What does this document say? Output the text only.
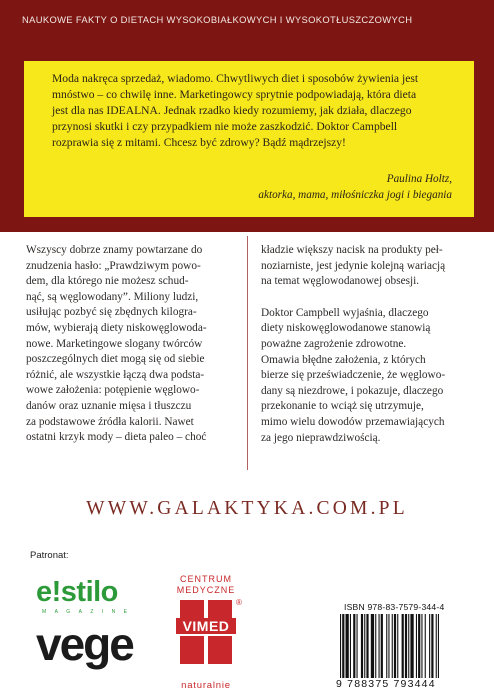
NAUKOWE FAKTY O DIETACH WYSOKOBIAŁKOWYCH I WYSOKOTŁUSZCZOWYCH
Moda nakręca sprzedaż, wiadomo. Chwytliwych diet i sposobów żywienia jest
mnóstwo – co chwilę inne. Marketingowcy sprytnie podpowiadają, która dieta
jest dla nas IDEALNA. Jednak rzadko kiedy rozumiemy, jak działa, dlaczego
przynosi skutki i czy przypadkiem nie może zaszkodzić. Doktor Campbell
rozprawia się z mitami. Chcesz być zdrowy? Bądź mądrzejszy!
Paulina Holtz,
aktorka, mama, miłośniczka jogi i biegania
Wszyscy dobrze znamy powtarzane do
znudzenia hasło: „Prawdziwym powo-
dem, dla którego nie możesz schud-
nąć, są węglowodany”. Miliony ludzi,
usiłując pozbyć się zbędnych kilogra-
mów, wybierają diety niskowęglowoda-
nowe. Marketingowe slogany twórców
poszczególnych diet mogą się od siebie
różnić, ale wszystkie łączą dwa podsta-
wowe założenia: potępienie węglowo-
danów oraz uznanie mięsa i tłuszczu
za podstawowe źródła kalorii. Nawet
ostatni krzyk mody – dieta paleo – choć
kładzie większy nacisk na produkty peł-
noziarniste, jest jedynie kolejną wariacją
na temat węglowodanowej obsesji.
Doktor Campbell wyjaśnia, dlaczego
diety niskowęglowodanowe stanowią
poważne zagrożenie zdrowotne.
Omawia błędne założenia, z których
bierze się przeświadczenie, że węglowo-
dany są niezdrowe, i pokazuje, dlaczego
przekonanie to wciąż się utrzymuje,
mimo wielu dowodów przemawiających
za jego nieprawdziwością.
WWW.GALAKTYKA.COM.PL
Patronat:
e!stilo
MAGAZINE
vege
CENTRUM
MEDYCZNE
VIMED
naturalnie
®	ISBN 978-83-7579-344-4
9 788375 793444
